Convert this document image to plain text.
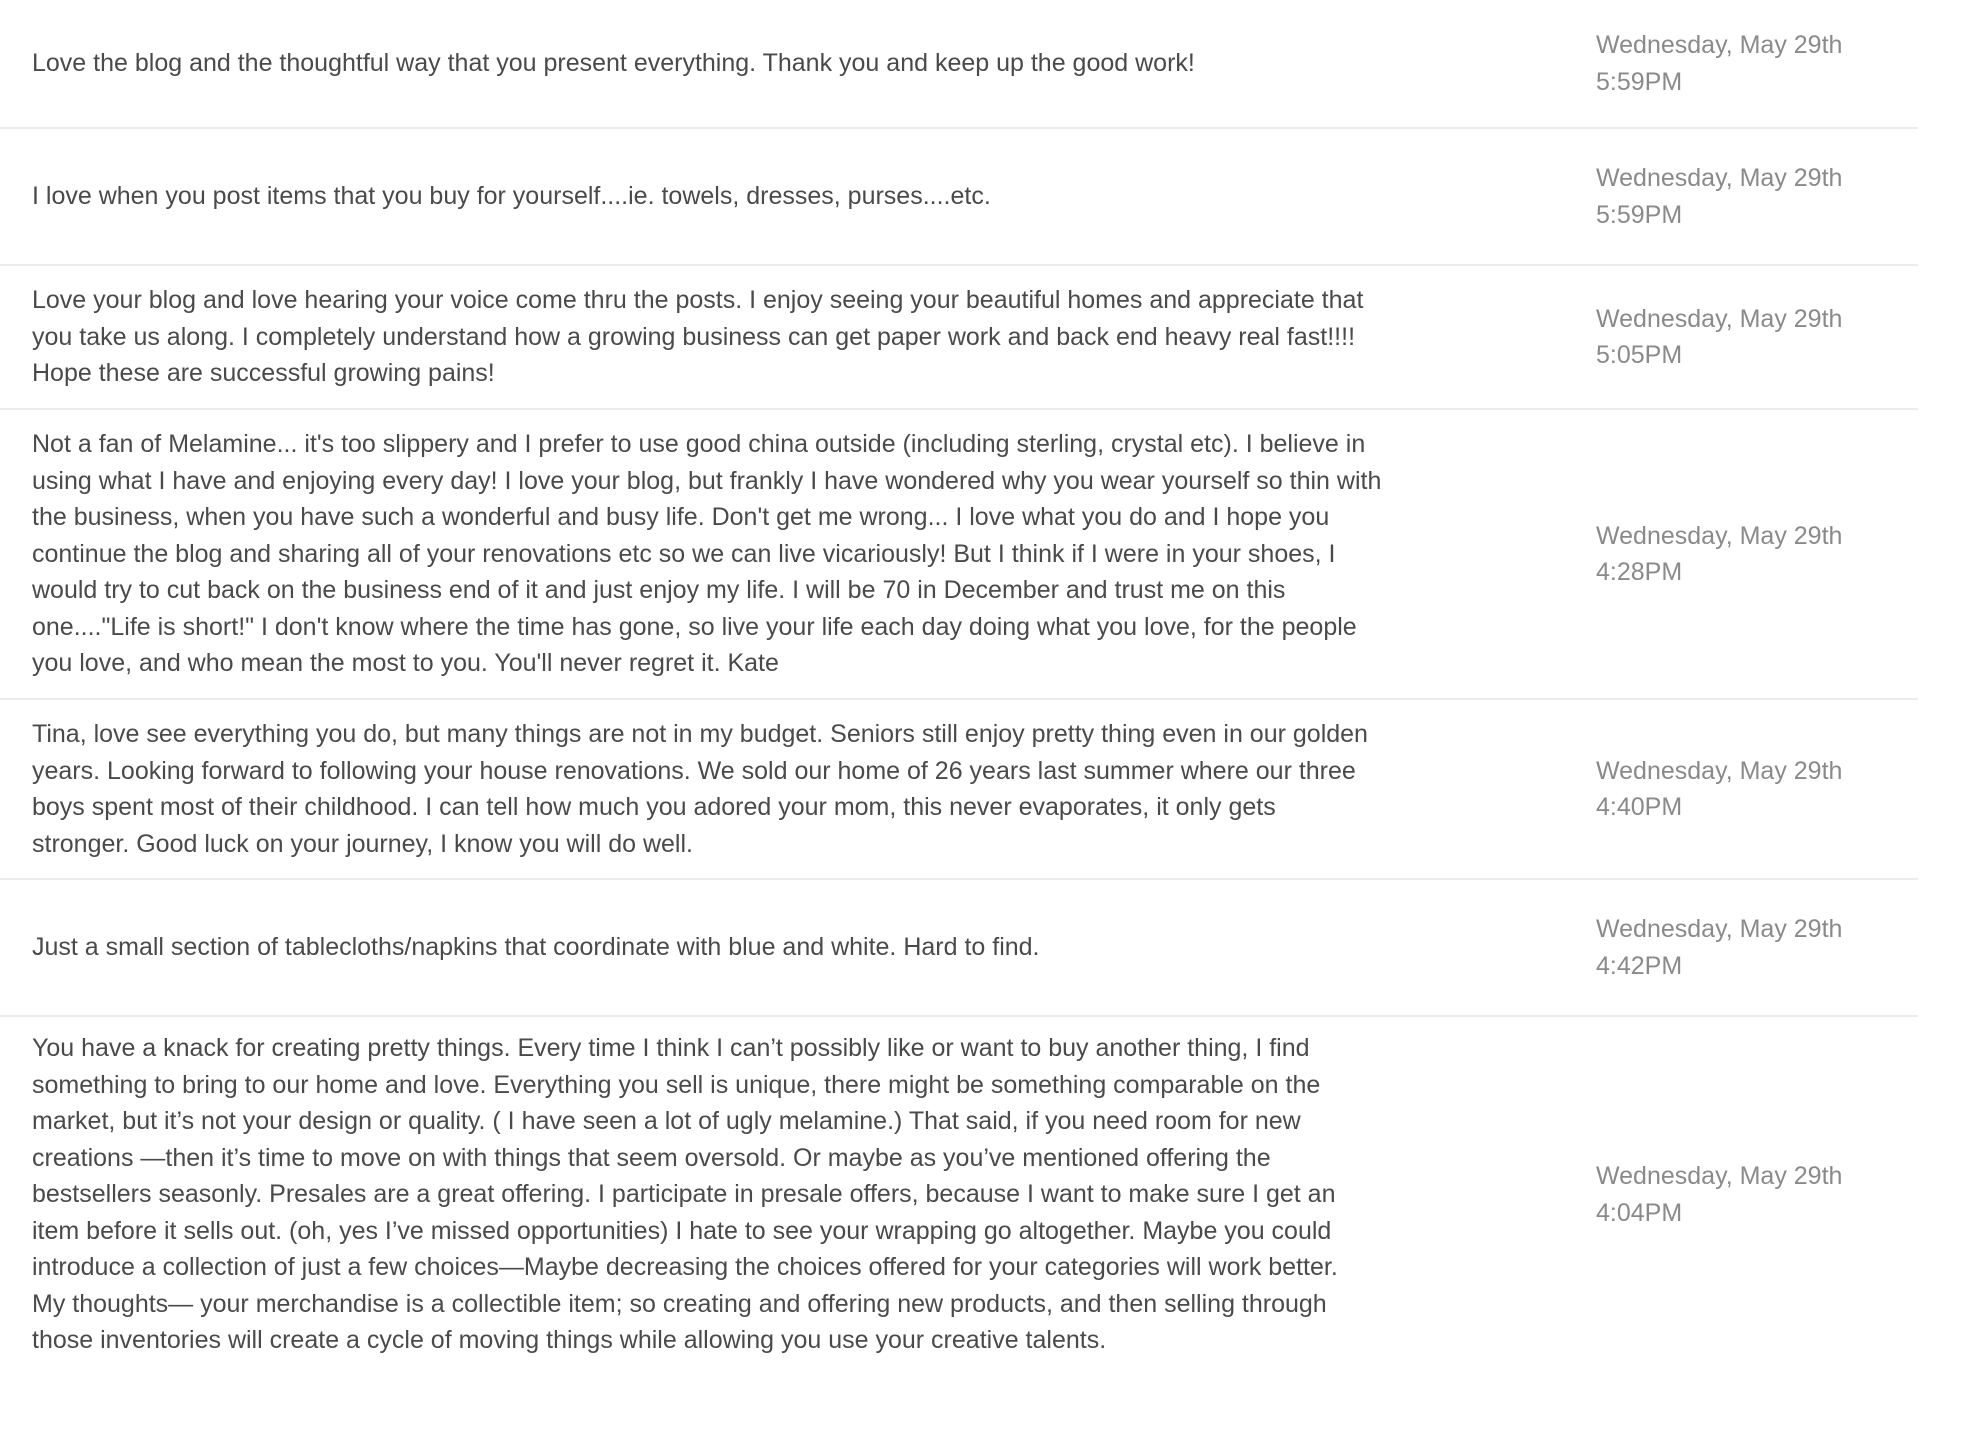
Love the blog and the thoughtful way that you present everything. Thank you and keep up the good work!
Wednesday, May 29th
5:59PM
I love when you post items that you buy for yourself....ie. towels, dresses, purses....etc.
Wednesday, May 29th
5:59PM
Love your blog and love hearing your voice come thru the posts. I enjoy seeing your beautiful homes and appreciate that
you take us along. I completely understand how a growing business can get paper work and back end heavy real fast!!!!
Hope these are successful growing pains!
Wednesday, May 29th
5:05PM
Not a fan of Melamine... it's too slippery and I prefer to use good china outside (including sterling, crystal etc). I believe in
using what I have and enjoying every day! I love your blog, but frankly I have wondered why you wear yourself so thin with
the business, when you have such a wonderful and busy life. Don't get me wrong... I love what you do and I hope you
continue the blog and sharing all of your renovations etc so we can live vicariously! But I think if I were in your shoes, I
would try to cut back on the business end of it and just enjoy my life. I will be 70 in December and trust me on this
one...."Life is short!" I don't know where the time has gone, so live your life each day doing what you love, for the people
you love, and who mean the most to you. You'll never regret it. Kate
Wednesday, May 29th
4:28PM
Tina, love see everything you do, but many things are not in my budget. Seniors still enjoy pretty thing even in our golden
years. Looking forward to following your house renovations. We sold our home of 26 years last summer where our three
boys spent most of their childhood. I can tell how much you adored your mom, this never evaporates, it only gets
stronger. Good luck on your journey, I know you will do well.
Wednesday, May 29th
4:40PM
Just a small section of tablecloths/napkins that coordinate with blue and white. Hard to find.
Wednesday, May 29th
4:42PM
You have a knack for creating pretty things. Every time I think I can’t possibly like or want to buy another thing, I find
something to bring to our home and love. Everything you sell is unique, there might be something comparable on the
market, but it’s not your design or quality. ( I have seen a lot of ugly melamine.) That said, if you need room for new
creations —then it’s time to move on with things that seem oversold. Or maybe as you’ve mentioned offering the
bestsellers seasonly. Presales are a great offering. I participate in presale offers, because I want to make sure I get an
item before it sells out. (oh, yes I’ve missed opportunities) I hate to see your wrapping go altogether. Maybe you could
introduce a collection of just a few choices—Maybe decreasing the choices offered for your categories will work better.
My thoughts— your merchandise is a collectible item; so creating and offering new products, and then selling through
those inventories will create a cycle of moving things while allowing you use your creative talents.
Wednesday, May 29th
4:04PM
